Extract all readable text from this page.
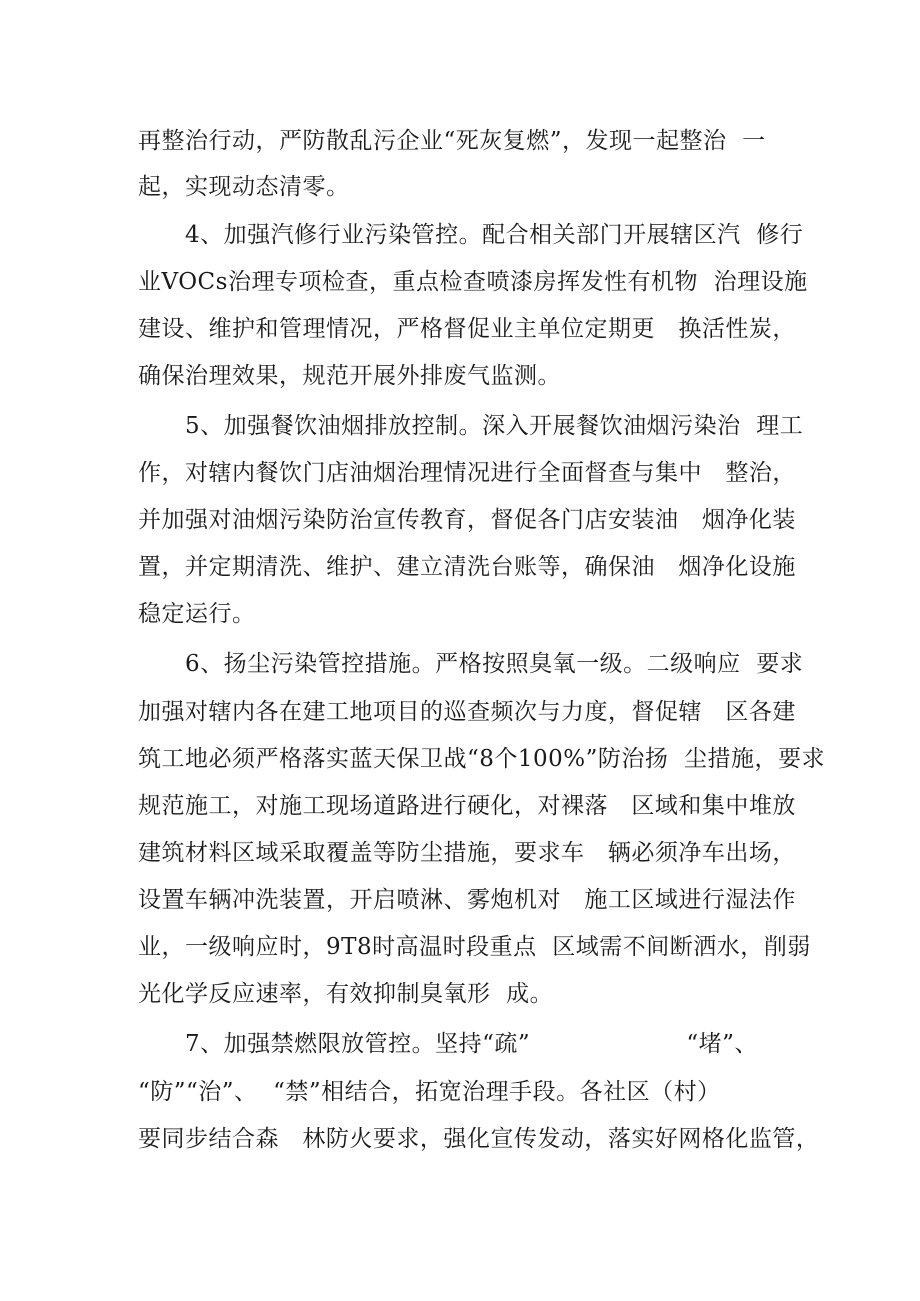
再整治行动，严防散乱污企业“死灰复燃”，发现一起整治  一
起，实现动态清零。
4、加强汽修行业污染管控。配合相关部门开展辖区汽  修行
业VOCs治理专项检查，重点检查喷漆房挥发性有机物  治理设施
建设、维护和管理情况，严格督促业主单位定期更   换活性炭，
确保治理效果，规范开展外排废气监测。
5、加强餐饮油烟排放控制。深入开展餐饮油烟污染治  理工
作，对辖内餐饮门店油烟治理情况进行全面督查与集中   整治，
并加强对油烟污染防治宣传教育，督促各门店安装油   烟净化装
置，并定期清洗、维护、建立清洗台账等，确保油   烟净化设施
稳定运行。
6、扬尘污染管控措施。严格按照臭氧一级。二级响应  要求
加强对辖内各在建工地项目的巡查频次与力度，督促辖   区各建
筑工地必须严格落实蓝天保卫战“8个100%”防治扬  尘措施，要求
规范施工，对施工现场道路进行硬化，对裸落   区域和集中堆放
建筑材料区域采取覆盖等防尘措施，要求车   辆必须净车出场，
设置车辆冲洗装置，开启喷淋、雾炮机对   施工区域进行湿法作
业，一级响应时，9T8时高温时段重点  区域需不间断洒水，削弱
光化学反应速率，有效抑制臭氧形  成。
7、加强禁燃限放管控。坚持“疏”                    “堵”、
“防”“治”、  “禁”相结合，拓宽治理手段。各社区（村）
要同步结合森   林防火要求，强化宣传发动，落实好网格化监管，
